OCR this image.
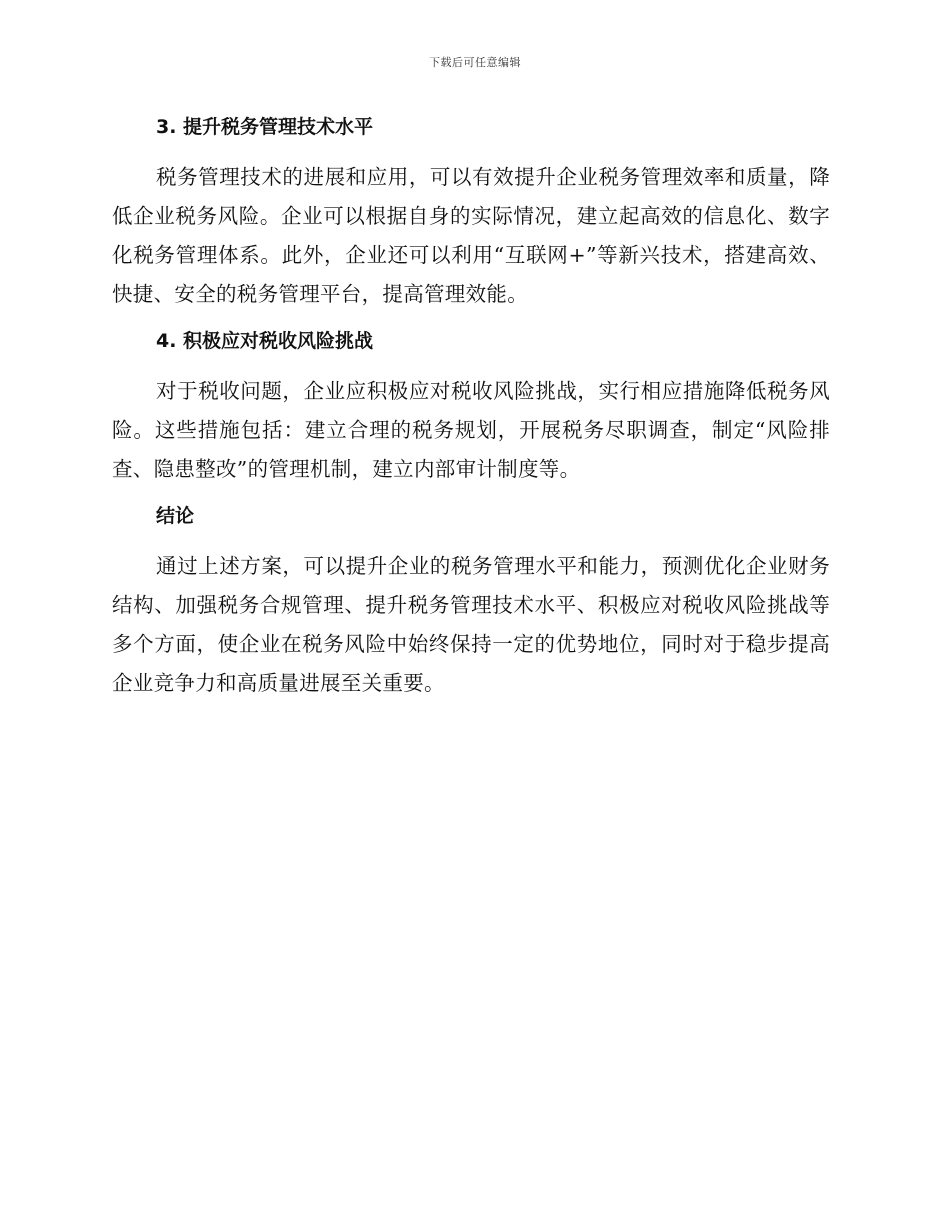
下载后可任意编辑
3. 提升税务管理技术水平

税务管理技术的进展和应用，可以有效提升企业税务管理效率和质量，降低企业税务风险。企业可以根据自身的实际情况，建立起高效的信息化、数字化税务管理体系。此外，企业还可以利用“互联网+”等新兴技术，搭建高效、快捷、安全的税务管理平台，提高管理效能。

4. 积极应对税收风险挑战

对于税收问题，企业应积极应对税收风险挑战，实行相应措施降低税务风险。这些措施包括：建立合理的税务规划，开展税务尽职调查，制定“风险排查、隐患整改”的管理机制，建立内部审计制度等。

结论

通过上述方案，可以提升企业的税务管理水平和能力，预测优化企业财务结构、加强税务合规管理、提升税务管理技术水平、积极应对税收风险挑战等多个方面，使企业在税务风险中始终保持一定的优势地位，同时对于稳步提高企业竞争力和高质量进展至关重要。
